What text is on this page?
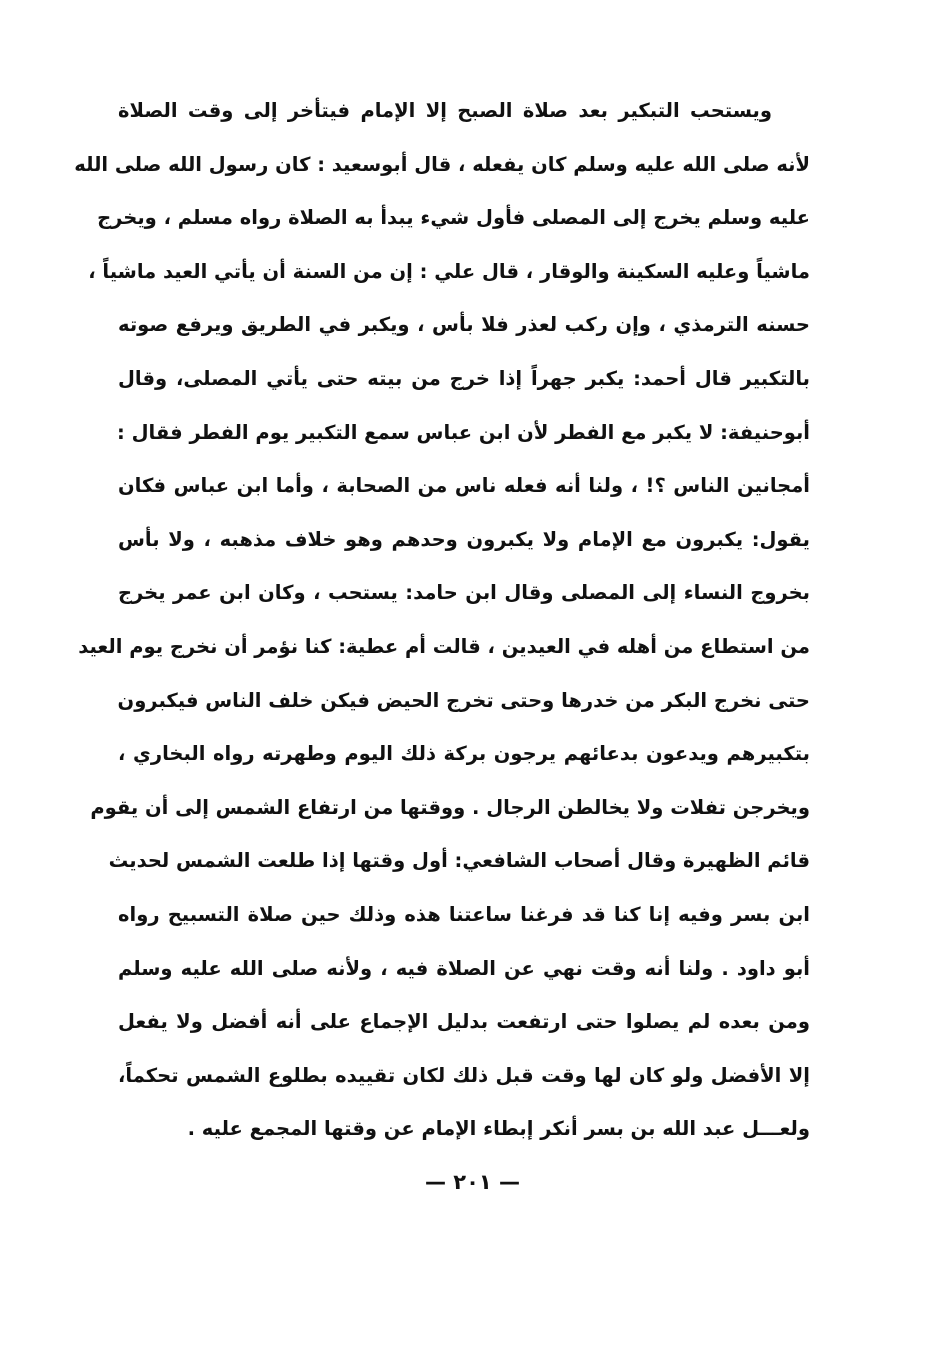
ويستحب التبكير بعد صلاة الصبح إلا الإمام فيتأخر إلى وقت الصلاة
لأنه صلى الله عليه وسلم كان يفعله ، قال أبوسعيد : كان رسول الله صلى الله
عليه وسلم يخرج إلى المصلى فأول شيء يبدأ به الصلاة رواه مسلم ، ويخرج
ماشياً وعليه السكينة والوقار ، قال علي : إن من السنة أن يأتي العيد ماشياً ،
حسنه الترمذي ، وإن ركب لعذر فلا بأس ، ويكبر في الطريق ويرفع صوته
بالتكبير قال أحمد: يكبر جهراً إذا خرج من بيته حتى يأتي المصلى، وقال
أبوحنيفة: لا يكبر مع الفطر لأن ابن عباس سمع التكبير يوم الفطر فقال :
أمجانين الناس ؟! ، ولنا أنه فعله ناس من الصحابة ، وأما ابن عباس فكان
يقول: يكبرون مع الإمام ولا يكبرون وحدهم وهو خلاف مذهبه ، ولا بأس
بخروج النساء إلى المصلى وقال ابن حامد: يستحب ، وكان ابن عمر يخرج
من استطاع من أهله في العيدين ، قالت أم عطية: كنا نؤمر أن نخرج يوم العيد
حتى نخرج البكر من خدرها وحتى تخرج الحيض فيكن خلف الناس فيكبرون
بتكبيرهم ويدعون بدعائهم يرجون بركة ذلك اليوم وطهرته رواه البخاري ،
ويخرجن تفلات ولا يخالطن الرجال . ووقتها من ارتفاع الشمس إلى أن يقوم
قائم الظهيرة وقال أصحاب الشافعي: أول وقتها إذا طلعت الشمس لحديث
ابن بسر وفيه إنا كنا قد فرغنا ساعتنا هذه وذلك حين صلاة التسبيح رواه
أبو داود . ولنا أنه وقت نهي عن الصلاة فيه ، ولأنه صلى الله عليه وسلم
ومن بعده لم يصلوا حتى ارتفعت بدليل الإجماع على أنه أفضل ولا يفعل
إلا الأفضل ولو كان لها وقت قبل ذلك لكان تقييده بطلوع الشمس تحكماً،
ولعـــل عبد الله بن بسر أنكر إبطاء الإمام عن وقتها المجمع عليه .
— ٢٠١ —
